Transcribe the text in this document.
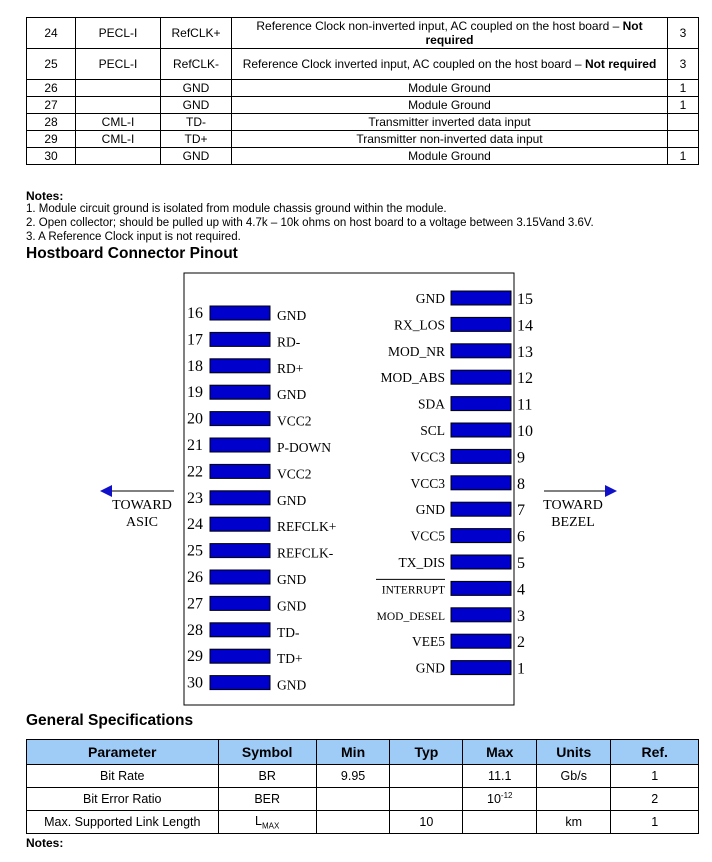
24	PECL-I	RefCLK+	Reference Clock non-inverted input, AC coupled on the host board – Not required	3
25	PECL-I	RefCLK-	Reference Clock inverted input, AC coupled on the host board – Not required	3
26		GND	Module Ground	1
27		GND	Module Ground	1
28	CML-I	TD-	Transmitter inverted data input	
29	CML-I	TD+	Transmitter non-inverted data input	
30		GND	Module Ground	1
Notes:
1. Module circuit ground is isolated from module chassis ground within the module.
2. Open collector; should be pulled up with 4.7k – 10k ohms on host board to a voltage between 3.15Vand 3.6V.
3. A Reference Clock input is not required.
Hostboard Connector Pinout
16	GND
17	RD-
18	RD+
19	GND
20	VCC2
21	P-DOWN
22	VCC2
23	GND
24	REFCLK+
25	REFCLK-
26	GND
27	GND
28	TD-
29	TD+
30	GND
15
GND
14
RX_LOS
13
MOD_NR
12
MOD_ABS
11
SDA
10
SCL
9
VCC3
8
VCC3
7
GND
6
VCC5
5
TX_DIS
4
INTERRUPT
3
MOD_DESEL
2
VEE5
1
GND
TOWARD
ASIC
TOWARD
BEZEL
General Specifications
Parameter	Symbol	Min	Typ	Max	Units	Ref.
Bit Rate	BR	9.95		11.1	Gb/s	1
Bit Error Ratio	BER			$10^{-12}$		2
Max. Supported Link Length	$L_{MAX}$		10		km	1
Notes:
